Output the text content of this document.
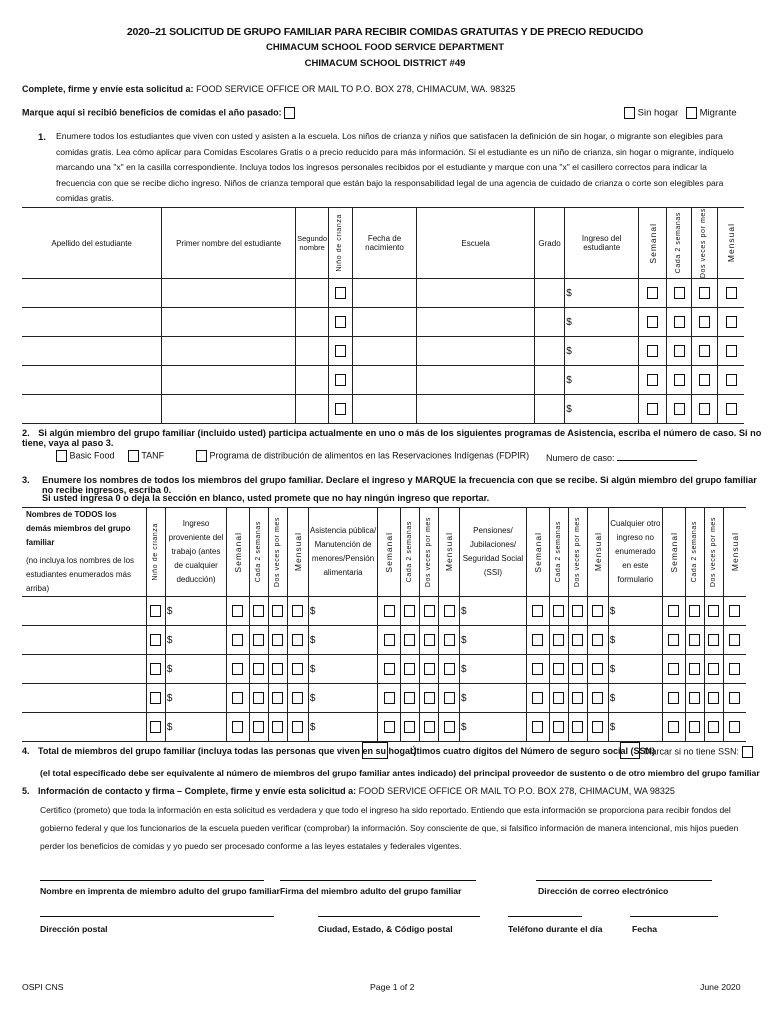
2020–21 SOLICITUD DE GRUPO FAMILIAR PARA RECIBIR COMIDAS GRATUITAS Y DE PRECIO REDUCIDO
CHIMACUM SCHOOL FOOD SERVICE DEPARTMENT
CHIMACUM SCHOOL DISTRICT #49
Complete, firme y envíe esta solicitud a: FOOD SERVICE OFFICE OR MAIL TO P.O. BOX 278, CHIMACUM, WA. 98325
Marque aquí si recibió beneficios de comidas el año pasado:	Sin hogar	Migrante
1. Enumere todos los estudiantes que viven con usted y asisten a la escuela. Los niños de crianza y niños que satisfacen la definición de sin hogar, o migrante son elegibles para comidas gratis. Lea cómo aplicar para Comidas Escolares Gratis o a precio reducido para más información. Si el estudiante es un niño de crianza, sin hogar o migrante, indíquelo marcando una "x" en la casilla correspondiente. Incluya todos los ingresos personales recibidos por el estudiante y marque con una "x" el casillero correctos para indicar la frecuencia con que se recibe dicho ingreso. Niños de crianza temporal que están bajo la responsabilidad legal de una agencia de cuidado de crianza o corte son elegibles para comidas gratis.
Apellido del estudiante	Primer nombre del estudiante	Segundo nombre	Niño de crianza	Fecha de nacimiento	Escuela	Grado	Ingreso del estudiante	Semanal	Cada 2 semanas	Dos veces por mes	Mensual

							$				
							$				
							$				
							$				
							$				
2. Si algún miembro del grupo familiar (incluido usted) participa actualmente en uno o más de los siguientes programas de Asistencia, escriba el número de caso. Si no tiene, vaya al paso 3.
Basic Food	TANF	Programa de distribución de alimentos en las Reservaciones Indígenas (FDPIR) Numero de caso:
3. Enumere los nombres de todos los miembros del grupo familiar. Declare el ingreso y MARQUE la frecuencia con que se recibe. Si algún miembro del grupo familiar no recibe ingresos, escriba 0.
Si usted ingresa 0 o deja la sección en blanco, usted promete que no hay ningún ingreso que reportar.
Nombres de TODOS los demás miembros del grupo familiar
(no incluya los nombres de los estudiantes enumerados más arriba)	Niño de crianza	Ingreso proveniente del trabajo (antes de cualquier deducción)	Semanal	Cada 2 semanas	Dos veces por mes	Mensual	Asistencia pública/ Manutención de menores/Pensión alimentaria	Semanal	Cada 2 semanas	Dos veces por mes	Mensual	Pensiones/ Jubilaciones/ Seguridad Social (SSI)	Semanal	Cada 2 semanas	Dos veces por mes	Mensual	Cualquier otro ingreso no enumerado en este formulario	Semanal	Cada 2 semanas	Dos veces por mes	Mensual

		$					$					$					$				
		$					$					$					$				
		$					$					$					$				
		$					$					$					$				
		$					$					$					$				
4. Total de miembros del grupo familiar (incluya todas las personas que viven en su hogar):
Útimos cuatro dígitos del Número de seguro social (SSN)
Marcar si no tiene SSN:
(el total especificado debe ser equivalente al número de miembros del grupo familiar antes indicado) del principal proveedor de sustento o de otro miembro del grupo familiar
5. Información de contacto y firma – Complete, firme y envíe esta solicitud a: FOOD SERVICE OFFICE OR MAIL TO P.O. BOX 278, CHIMACUM, WA 98325
Certifico (prometo) que toda la información en esta solicitud es verdadera y que todo el ingreso ha sido reportado. Entiendo que esta información se proporciona para recibir fondos del gobierno federal y que los funcionarios de la escuela pueden verificar (comprobar) la información. Soy consciente de que, si falsifico información de manera intencional, mis hijos pueden perder los beneficios de comidas y yo puedo ser procesado conforme a las leyes estatales y federales vigentes.
Nombre en imprenta de miembro adulto del grupo familiar Firma del miembro adulto del grupo familiar	Dirección de correo electrónico
Dirección postal	Ciudad, Estado, & Código postal	Teléfono durante el día	Fecha
OSPI CNS	Page 1 of 2	June 2020
